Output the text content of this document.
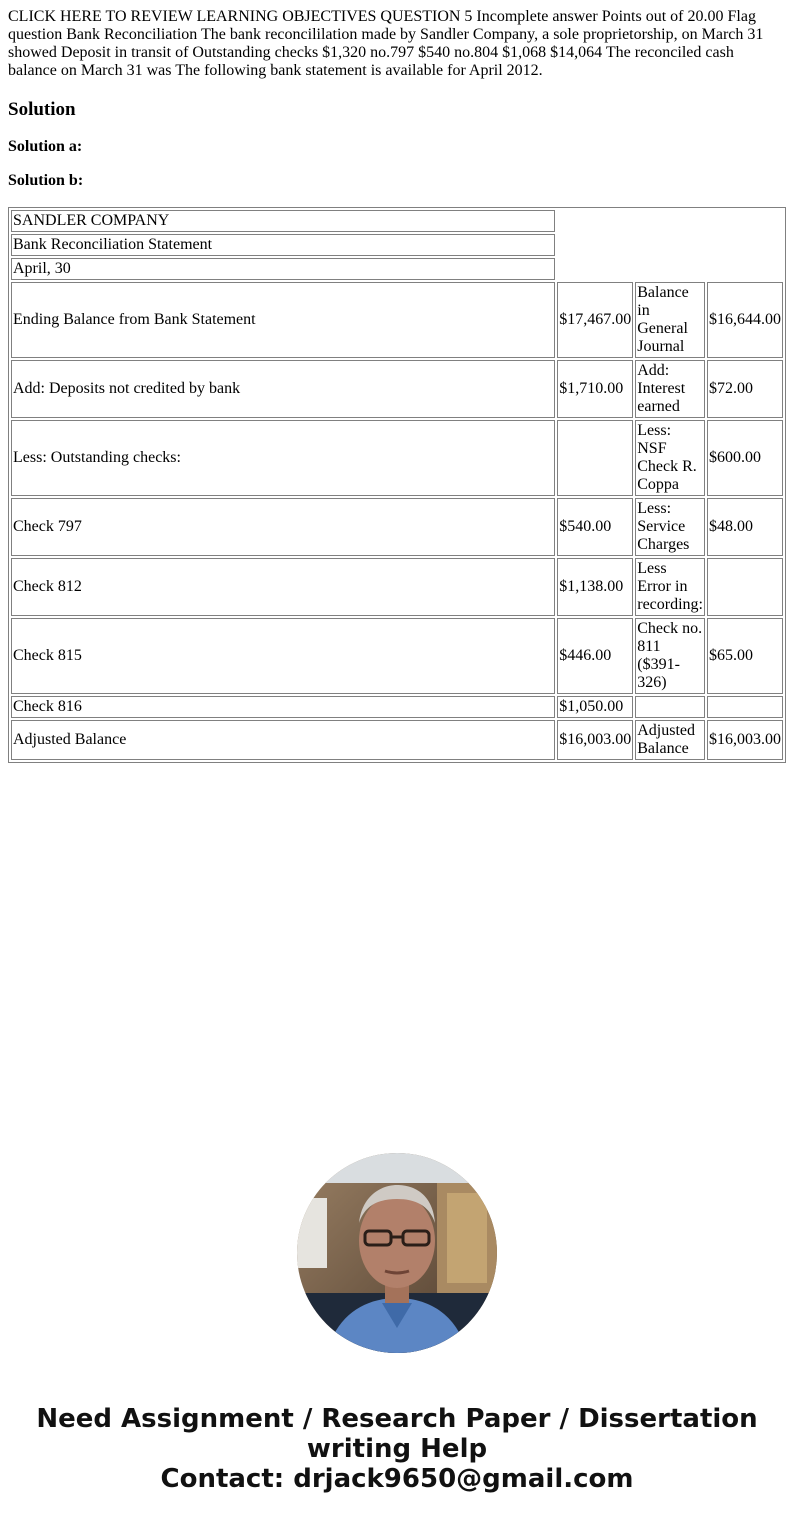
CLICK HERE TO REVIEW LEARNING OBJECTIVES QUESTION 5 Incomplete answer Points out of 20.00 Flag question Bank Reconciliation The bank reconcililation made by Sandler Company, a sole proprietorship, on March 31 showed Deposit in transit of Outstanding checks $1,320 no.797 $540 no.804 $1,068 $14,064 The reconciled cash balance on March 31 was The following bank statement is available for April 2012.

Solution
Solution a:
Solution b:
SANDLER COMPANY			
Bank Reconciliation Statement			
April, 30			
Ending Balance from Bank Statement	$17,467.00	Balance in General Journal	$16,644.00
Add: Deposits not credited by bank	$1,710.00	Add: Interest earned	$72.00
Less: Outstanding checks:		Less: NSF Check R. Coppa	$600.00
Check 797	$540.00	Less: Service Charges	$48.00
Check 812	$1,138.00	Less Error in recording:	
Check 815	$446.00	Check no. 811 ($391-326)	$65.00
Check 816	$1,050.00		
Adjusted Balance	$16,003.00	Adjusted Balance	$16,003.00
Need Assignment / Research Paper / Dissertation
writing Help
Contact: drjack9650@gmail.com
